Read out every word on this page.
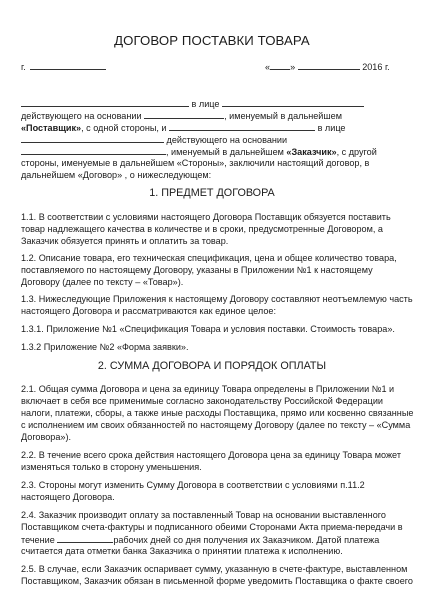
ДОГОВОР ПОСТАВКИ ТОВАРА
г.	« »	2016 г.
в лице
действующего на основании	, именуемый в дальнейшем
«Поставщик», с одной стороны, и	в лице
действующего на основании
, именуемый в дальнейшем «Заказчик», с другой
стороны, именуемые в дальнейшем «Стороны», заключили настоящий договор, в
дальнейшем «Договор» , о нижеследующем:
1. ПРЕДМЕТ ДОГОВОРА
1.1. В соответствии с условиями настоящего Договора Поставщик обязуется поставить
товар надлежащего качества в количестве и в сроки, предусмотренные Договором, а
Заказчик обязуется принять и оплатить за товар.
1.2. Описание товара, его техническая спецификация, цена и общее количество товара,
поставляемого по настоящему Договору, указаны в Приложении №1 к настоящему
Договору (далее по тексту – «Товар»).
1.3. Нижеследующие Приложения к настоящему Договору составляют неотъемлемую часть
настоящего Договора и рассматриваются как единое целое:
1.3.1. Приложение №1 «Спецификация Товара и условия поставки. Стоимость товара».
1.3.2 Приложение №2 «Форма заявки».
2. СУММА ДОГОВОРА И ПОРЯДОК ОПЛАТЫ
2.1. Общая сумма Договора и цена за единицу Товара определены в Приложении №1 и
включает в себя все применимые согласно законодательству Российской Федерации
налоги, платежи, сборы, а также иные расходы Поставщика, прямо или косвенно связанные
с исполнением им своих обязанностей по настоящему Договору (далее по тексту – «Сумма
Договора»).
2.2. В течение всего срока действия настоящего Договора цена за единицу Товара может
изменяться только в сторону уменьшения.
2.3. Стороны могут изменить Сумму Договора в соответствии с условиями п.11.2
настоящего Договора.
2.4. Заказчик производит оплату за поставленный Товар на основании выставленного
Поставщиком счета-фактуры и подписанного обеими Сторонами Акта приема-передачи в
течение	рабочих дней со дня получения их Заказчиком. Датой платежа
считается дата отметки банка Заказчика о принятии платежа к исполнению.
2.5. В случае, если Заказчик оспаривает сумму, указанную в счете-фактуре, выставленном
Поставщиком, Заказчик обязан в письменной форме уведомить Поставщика о факте своего
